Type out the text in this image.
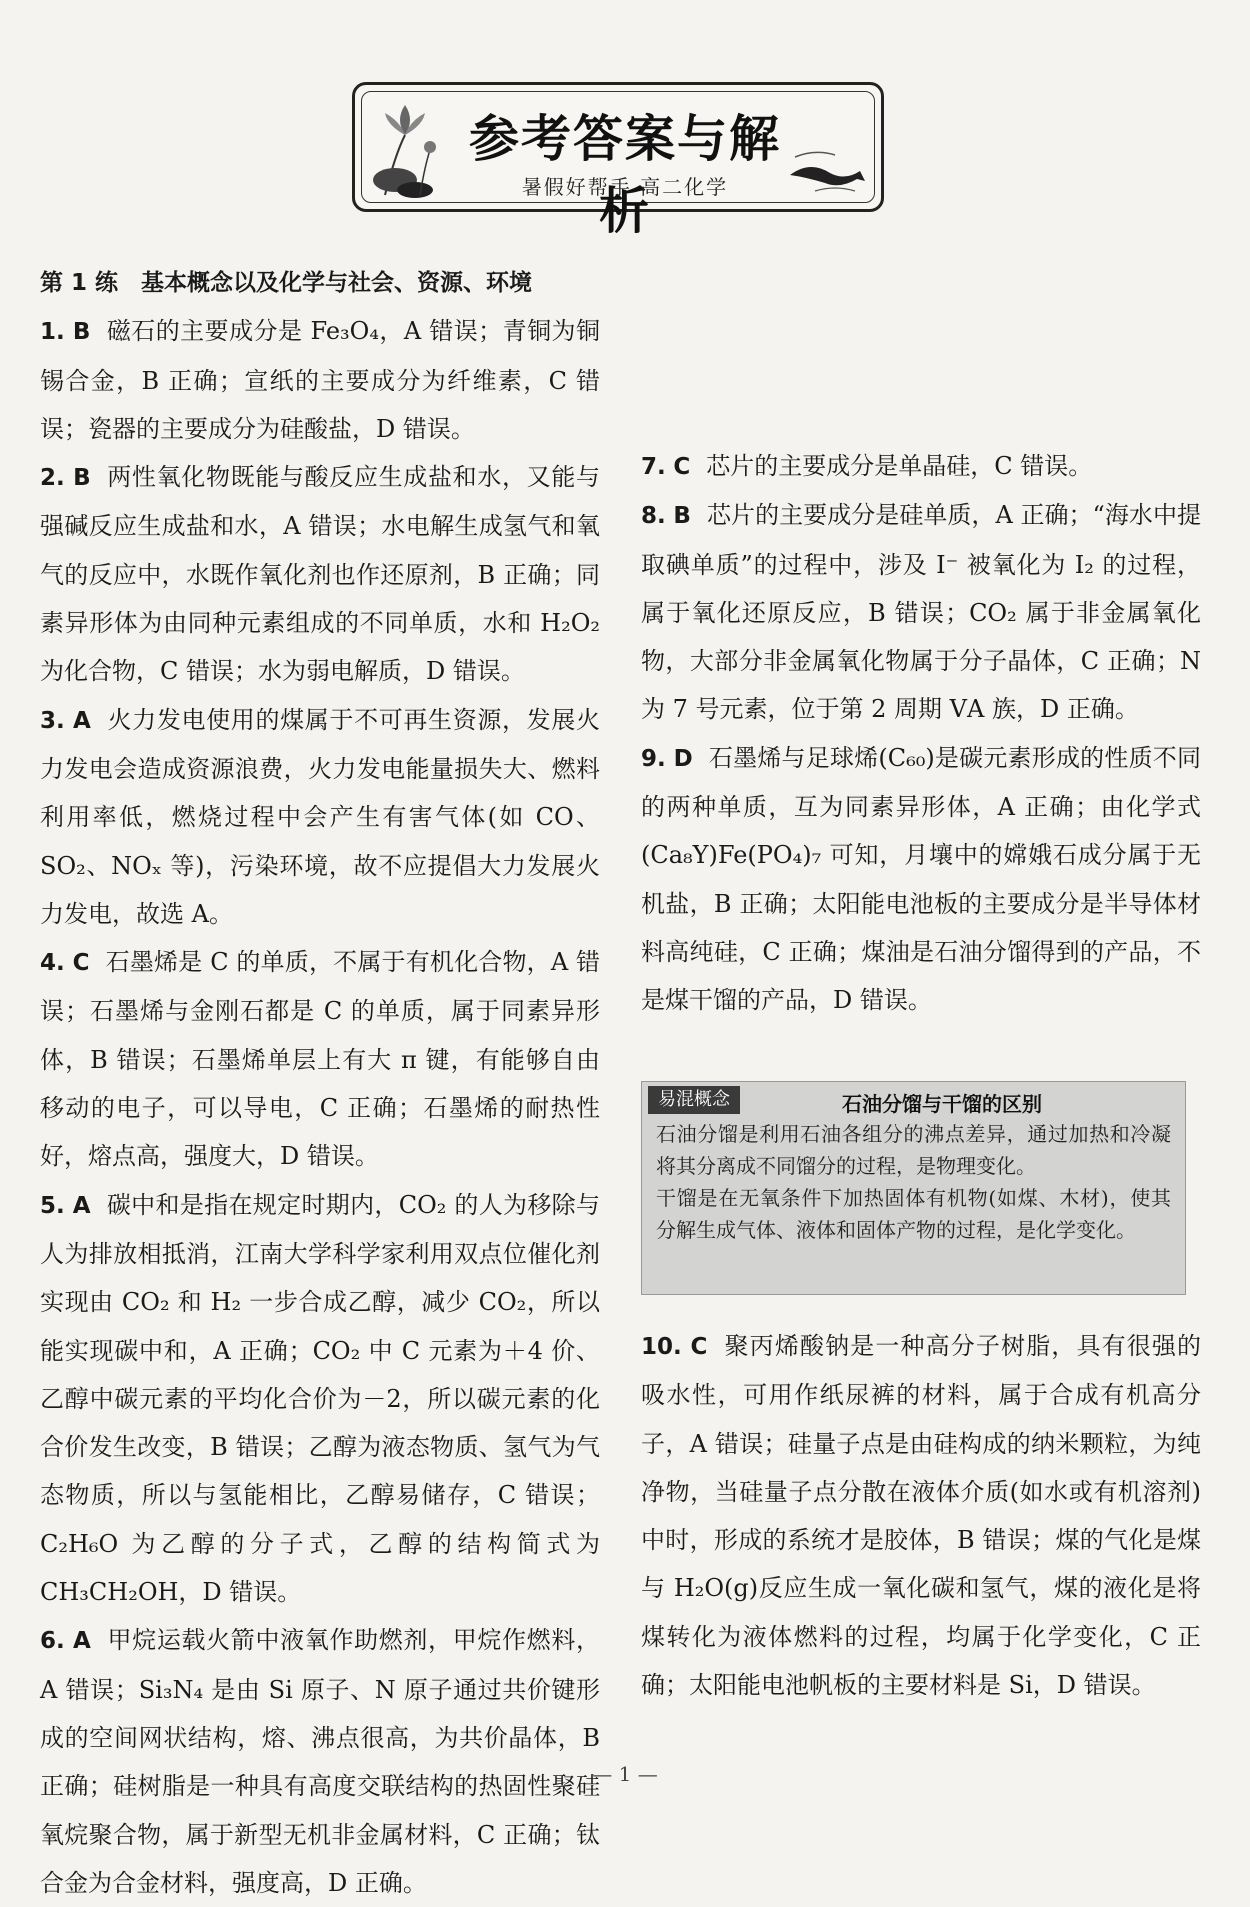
参考答案与解析
暑假好帮手 高二化学

第 1 练　基本概念以及化学与社会、资源、环境

1. B 磁石的主要成分是 Fe₃O₄，A 错误；青铜为铜锡合金，B 正确；宣纸的主要成分为纤维素，C 错误；瓷器的主要成分为硅酸盐，D 错误。

2. B 两性氧化物既能与酸反应生成盐和水，又能与强碱反应生成盐和水，A 错误；水电解生成氢气和氧气的反应中，水既作氧化剂也作还原剂，B 正确；同素异形体为由同种元素组成的不同单质，水和 H₂O₂ 为化合物，C 错误；水为弱电解质，D 错误。

3. A 火力发电使用的煤属于不可再生资源，发展火力发电会造成资源浪费，火力发电能量损失大、燃料利用率低，燃烧过程中会产生有害气体(如 CO、SO₂、NOₓ 等)，污染环境，故不应提倡大力发展火力发电，故选 A。

4. C 石墨烯是 C 的单质，不属于有机化合物，A 错误；石墨烯与金刚石都是 C 的单质，属于同素异形体，B 错误；石墨烯单层上有大 π 键，有能够自由移动的电子，可以导电，C 正确；石墨烯的耐热性好，熔点高，强度大，D 错误。

5. A 碳中和是指在规定时期内，CO₂ 的人为移除与人为排放相抵消，江南大学科学家利用双点位催化剂实现由 CO₂ 和 H₂ 一步合成乙醇，减少 CO₂，所以能实现碳中和，A 正确；CO₂ 中 C 元素为＋4 价、乙醇中碳元素的平均化合价为－2，所以碳元素的化合价发生改变，B 错误；乙醇为液态物质、氢气为气态物质，所以与氢能相比，乙醇易储存，C 错误；C₂H₆O 为乙醇的分子式，乙醇的结构简式为 CH₃CH₂OH，D 错误。

6. A 甲烷运载火箭中液氧作助燃剂，甲烷作燃料，A 错误；Si₃N₄ 是由 Si 原子、N 原子通过共价键形成的空间网状结构，熔、沸点很高，为共价晶体，B 正确；硅树脂是一种具有高度交联结构的热固性聚硅氧烷聚合物，属于新型无机非金属材料，C 正确；钛合金为合金材料，强度高，D 正确。

10. C 聚丙烯酸钠是一种高分子树脂，具有很强的吸水性，可用作纸尿裤的材料，属于合成有机高分子，A 错误；硅量子点是由硅构成的纳米颗粒，为纯净物，当硅量子点分散在液体介质(如水或有机溶剂)中时，形成的系统才是胶体，B 错误；煤的气化是煤与 H₂O(g)反应生成一氧化碳和氢气，煤的液化是将煤转化为液体燃料的过程，均属于化学变化，C 正确；太阳能电池帆板的主要材料是 Si，D 错误。

7. C 芯片的主要成分是单晶硅，C 错误。

8. B 芯片的主要成分是硅单质，A 正确；“海水中提取碘单质”的过程中，涉及 I⁻ 被氧化为 I₂ 的过程，属于氧化还原反应，B 错误；CO₂ 属于非金属氧化物，大部分非金属氧化物属于分子晶体，C 正确；N 为 7 号元素，位于第 2 周期 ⅤA 族，D 正确。

9. D 石墨烯与足球烯(C₆₀)是碳元素形成的性质不同的两种单质，互为同素异形体，A 正确；由化学式(Ca₈Y)Fe(PO₄)₇ 可知，月壤中的嫦娥石成分属于无机盐，B 正确；太阳能电池板的主要成分是半导体材料高纯硅，C 正确；煤油是石油分馏得到的产品，不是煤干馏的产品，D 错误。

易混概念	石油分馏与干馏的区别

石油分馏是利用石油各组分的沸点差异，通过加热和冷凝将其分离成不同馏分的过程，是物理变化。

干馏是在无氧条件下加热固体有机物(如煤、木材)，使其分解生成气体、液体和固体产物的过程，是化学变化。

— 1 —
